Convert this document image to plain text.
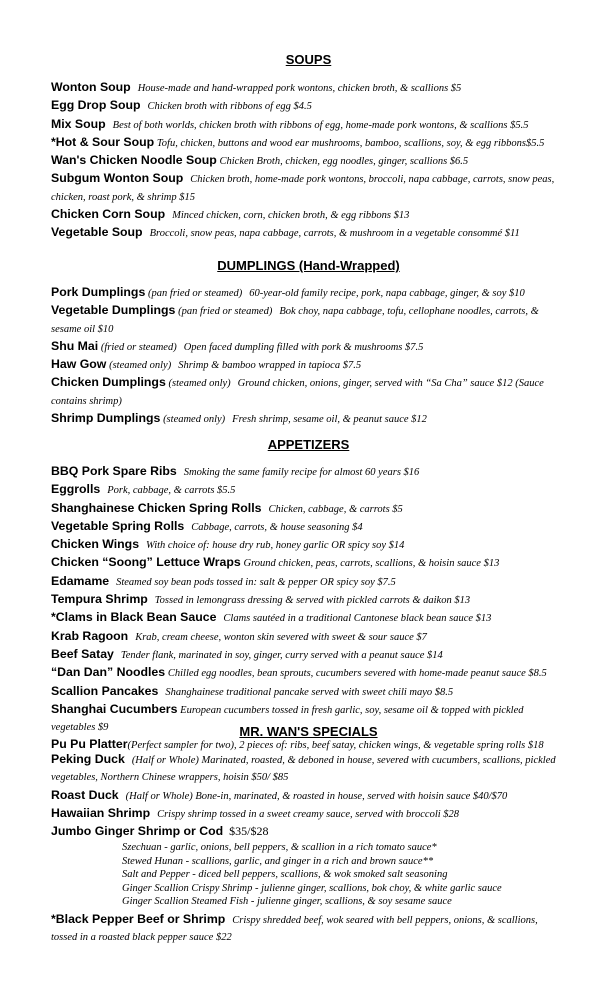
SOUPS

Wonton Soup House-made and hand-wrapped pork wontons, chicken broth, & scallions $5

Egg Drop Soup Chicken broth with ribbons of egg $4.5

Mix Soup Best of both worlds, chicken broth with ribbons of egg, home-made pork wontons, & scallions $5.5

*Hot & Sour Soup Tofu, chicken, buttons and wood ear mushrooms, bamboo, scallions, soy, & egg ribbons$5.5

Wan's Chicken Noodle Soup Chicken Broth, chicken, egg noodles, ginger, scallions $6.5

Subgum Wonton Soup Chicken broth, home-made pork wontons, broccoli, napa cabbage, carrots, snow peas, chicken, roast pork, & shrimp $15

Chicken Corn Soup Minced chicken, corn, chicken broth, & egg ribbons $13

Vegetable Soup Broccoli, snow peas, napa cabbage, carrots, & mushroom in a vegetable consommé $11

DUMPLINGS (Hand-Wrapped)

Pork Dumplings (pan fried or steamed) 60-year-old family recipe, pork, napa cabbage, ginger, & soy $10

Vegetable Dumplings (pan fried or steamed) Bok choy, napa cabbage, tofu, cellophane noodles, carrots, & sesame oil $10

Shu Mai (fried or steamed) Open faced dumpling filled with pork & mushrooms $7.5

Haw Gow (steamed only) Shrimp & bamboo wrapped in tapioca $7.5

Chicken Dumplings (steamed only) Ground chicken, onions, ginger, served with “Sa Cha” sauce $12 (Sauce contains shrimp)

Shrimp Dumplings (steamed only) Fresh shrimp, sesame oil, & peanut sauce $12

APPETIZERS

BBQ Pork Spare Ribs Smoking the same family recipe for almost 60 years $16

Eggrolls Pork, cabbage, & carrots $5.5

Shanghainese Chicken Spring Rolls Chicken, cabbage, & carrots $5

Vegetable Spring Rolls Cabbage, carrots, & house seasoning $4

Chicken Wings With choice of: house dry rub, honey garlic OR spicy soy $14

Chicken “Soong” Lettuce Wraps Ground chicken, peas, carrots, scallions, & hoisin sauce $13

Edamame Steamed soy bean pods tossed in: salt & pepper OR spicy soy $7.5

Tempura Shrimp Tossed in lemongrass dressing & served with pickled carrots & daikon $13

*Clams in Black Bean Sauce Clams sautéed in a traditional Cantonese black bean sauce $13

Krab Ragoon Krab, cream cheese, wonton skin severed with sweet & sour sauce $7

Beef Satay Tender flank, marinated in soy, ginger, curry served with a peanut sauce $14

“Dan Dan” Noodles Chilled egg noodles, bean sprouts, cucumbers severed with home-made peanut sauce $8.5

Scallion Pancakes Shanghainese traditional pancake served with sweet chili mayo $8.5

Shanghai Cucumbers European cucumbers tossed in fresh garlic, soy, sesame oil & topped with pickled vegetables $9

Pu Pu Platter(Perfect sampler for two), 2 pieces of: ribs, beef satay, chicken wings, & vegetable spring rolls $18

MR. WAN'S SPECIALS

Peking Duck (Half or Whole) Marinated, roasted, & deboned in house, severed with cucumbers, scallions, pickled vegetables, Northern Chinese wrappers, hoisin $50/ $85

Roast Duck (Half or Whole) Bone-in, marinated, & roasted in house, served with hoisin sauce $40/$70

Hawaiian Shrimp Crispy shrimp tossed in a sweet creamy sauce, served with broccoli $28

Jumbo Ginger Shrimp or Cod $35/$28

Szechuan - garlic, onions, bell peppers, & scallion in a rich tomato sauce*

Stewed Hunan - scallions, garlic, and ginger in a rich and brown sauce**

Salt and Pepper - diced bell peppers, scallions, & wok smoked salt seasoning

Ginger Scallion Crispy Shrimp - julienne ginger, scallions, bok choy, & white garlic sauce

Ginger Scallion Steamed Fish - julienne ginger, scallions, & soy sesame sauce

*Black Pepper Beef or Shrimp Crispy shredded beef, wok seared with bell peppers, onions, & scallions, tossed in a roasted black pepper sauce $22
